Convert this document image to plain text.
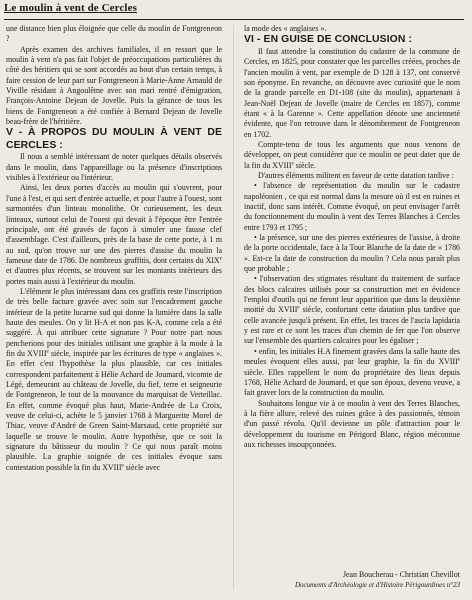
Le moulin à vent de Cercles

une distance bien plus éloignée que celle du moulin de Fontgreneon ?

Après examen des archives familiales, il en ressort que le moulin à vent n'a pas fait l'objet de préoccupations particulières du côté des héritiers qui se sont accordés au bout d'un certain temps, à faire cession de leur part sur Fontgreneon à Marie-Anne Arnauld de Viville résidant à Angoulême avec son mari rentré d'émigration, François-Antoine Dejean de Jovelle. Puis la gérance de tous les biens de Fontgreneon a été confiée à Bernard Dejean de Jovelle beau-frère de l'héritière.

V - À PROPOS DU MOULIN À VENT DE CERCLES :

Il nous a semblé intéressant de noter quelques détails observés dans le moulin, dans l'appareillage ou la présence d'inscriptions visibles à l'extérieur ou l'intérieur.

Ainsi, les deux portes d'accès au moulin qui s'ouvrent, pour l'une à l'est, et qui sert d'entrée actuelle, et pour l'autre à l'ouest, sont surmontées d'un linteau monolithe. Or curieusement, les deux linteaux, surtout celui de l'ouest qui devait à l'époque être l'entrée principale, ont été gravés de façon à simuler une fausse clef d'assemblage. C'est d'ailleurs, près de la base de cette porte, à 1 m au sud, qu'on trouve sur une des pierres d'assise du moulin la fameuse date de 1786. De nombreux graffitis, dont certains du XIXe et d'autres plus récents, se trouvent sur les montants intérieurs des portes mais aussi à l'extérieur du moulin.

L'élément le plus intéressant dans ces graffitis reste l'inscription de très belle facture gravée avec soin sur l'encadrement gauche intérieur de la petite lucarne sud qui donne la lumière dans la salle haute des meules. On y lit H-A et non pas K-A, comme cela a été suggéré. À qui attribuer cette signature ? Pour notre part nous pencherions pour des initiales utilisant une graphie à la mode à la fin du XVIIIe siècle, inspirée par les écritures de type « anglaises ». En effet c'est l'hypothèse la plus plausible, car ces initiales correspondent parfaitement à Hélie Achard de Joumard, vicomte de Légé, demeurant au château de Jovelle, du fief, terre et seigneurie de Fontgreneon, le tout de la mouvance du marquisat de Verteillac. En effet, comme évoqué plus haut, Marie-Andrée de La Croix, veuve de celui-ci, achète le 5 janvier 1768 à Marguerite Morel de Thiac, veuve d'André de Green Saint-Marsaud, cette propriété sur laquelle se trouve le moulin. Autre hypothèse, que ce soit la signature du bâtisseur du moulin ? Ce qui nous paraît moins plausible. La graphie soignée de ces initiales évoque sans contestation possible la fin du XVIIIe siècle avec

la mode des « anglaises ».

VI - EN GUISE DE CONCLUSION :

Il faut attendre la constitution du cadastre de la commune de Cercles, en 1825, pour constater que les parcelles créées, proches de l'ancien moulin à vent, par exemple de D 128 à 137, ont conservé son éponyme. En revanche, on découvre avec curiosité que le nom de la grande parcelle en D1-108 (site du moulin), appartenant à Jean-Noël Dejean de Jovelle (maire de Cercles en 1857), comme étant « à la Garenne ». Cette appellation dénote une ancienneté évidente, que l'on retrouve dans le dénombrement de Fontgreneon en 1702.

Compte-tenu de tous les arguments que nous venons de développer, on peut considérer que ce moulin ne peut dater que de la fin du XVIIIe siècle.

D'autres éléments militent en faveur de cette datation tardive :

• l'absence de représentation du moulin sur le cadastre napoléonien , ce qui est normal dans la mesure où il est en ruines et inactif, donc sans intérêt. Comme évoqué, on peut envisager l'arrêt du fonctionnement du moulin à vent des Terres Blanches à Cercles entre 1793 et 1795 ;

• la présence, sur une des pierres extérieures de l'assise, à droite de la porte occidentale, face à la Tour Blanche de la date de « 1786 ». Est-ce la date de construction du moulin ? Cela nous paraît plus que probable ;

• l'observation des stigmates résultant du traitement de surface des blocs calcaires utilisés pour sa construction met en évidence l'emploi d'outils qui ne feront leur apparition que dans la deuxième moitié du XVIIIe siècle, confortant cette datation plus tardive que celle avancée jusqu'à présent. En effet, les traces de l'ascia lapidaria y est rare et ce sont les traces d'un chemin de fer que l'on observe sur l'ensemble des quartiers calcaires pour les égaliser ;

• enfin, les initiales H.A finement gravées dans la salle haute des meules évoquent elles aussi, par leur graphie, la fin du XVIIIe siècle. Elles rappellent le nom du propriétaire des lieux depuis 1768, Hélie Achard de Joumard, et que son époux, devenu veuve, a fait graver lors de la construction du moulin.

Souhaitons longue vie à ce moulin à vent des Terres Blanches, à la fière allure, relevé des ruines grâce à des passionnés, témoin d'un passé révolu. Qu'il devienne un pôle d'attraction pour le développement du tourisme en Périgord Blanc, région méconnue aux richesses insoupçonnées.

Jean Boucherau - Christian Chevillot
Documents d'Archéologie et d'Histoire Périgourdines n°23
